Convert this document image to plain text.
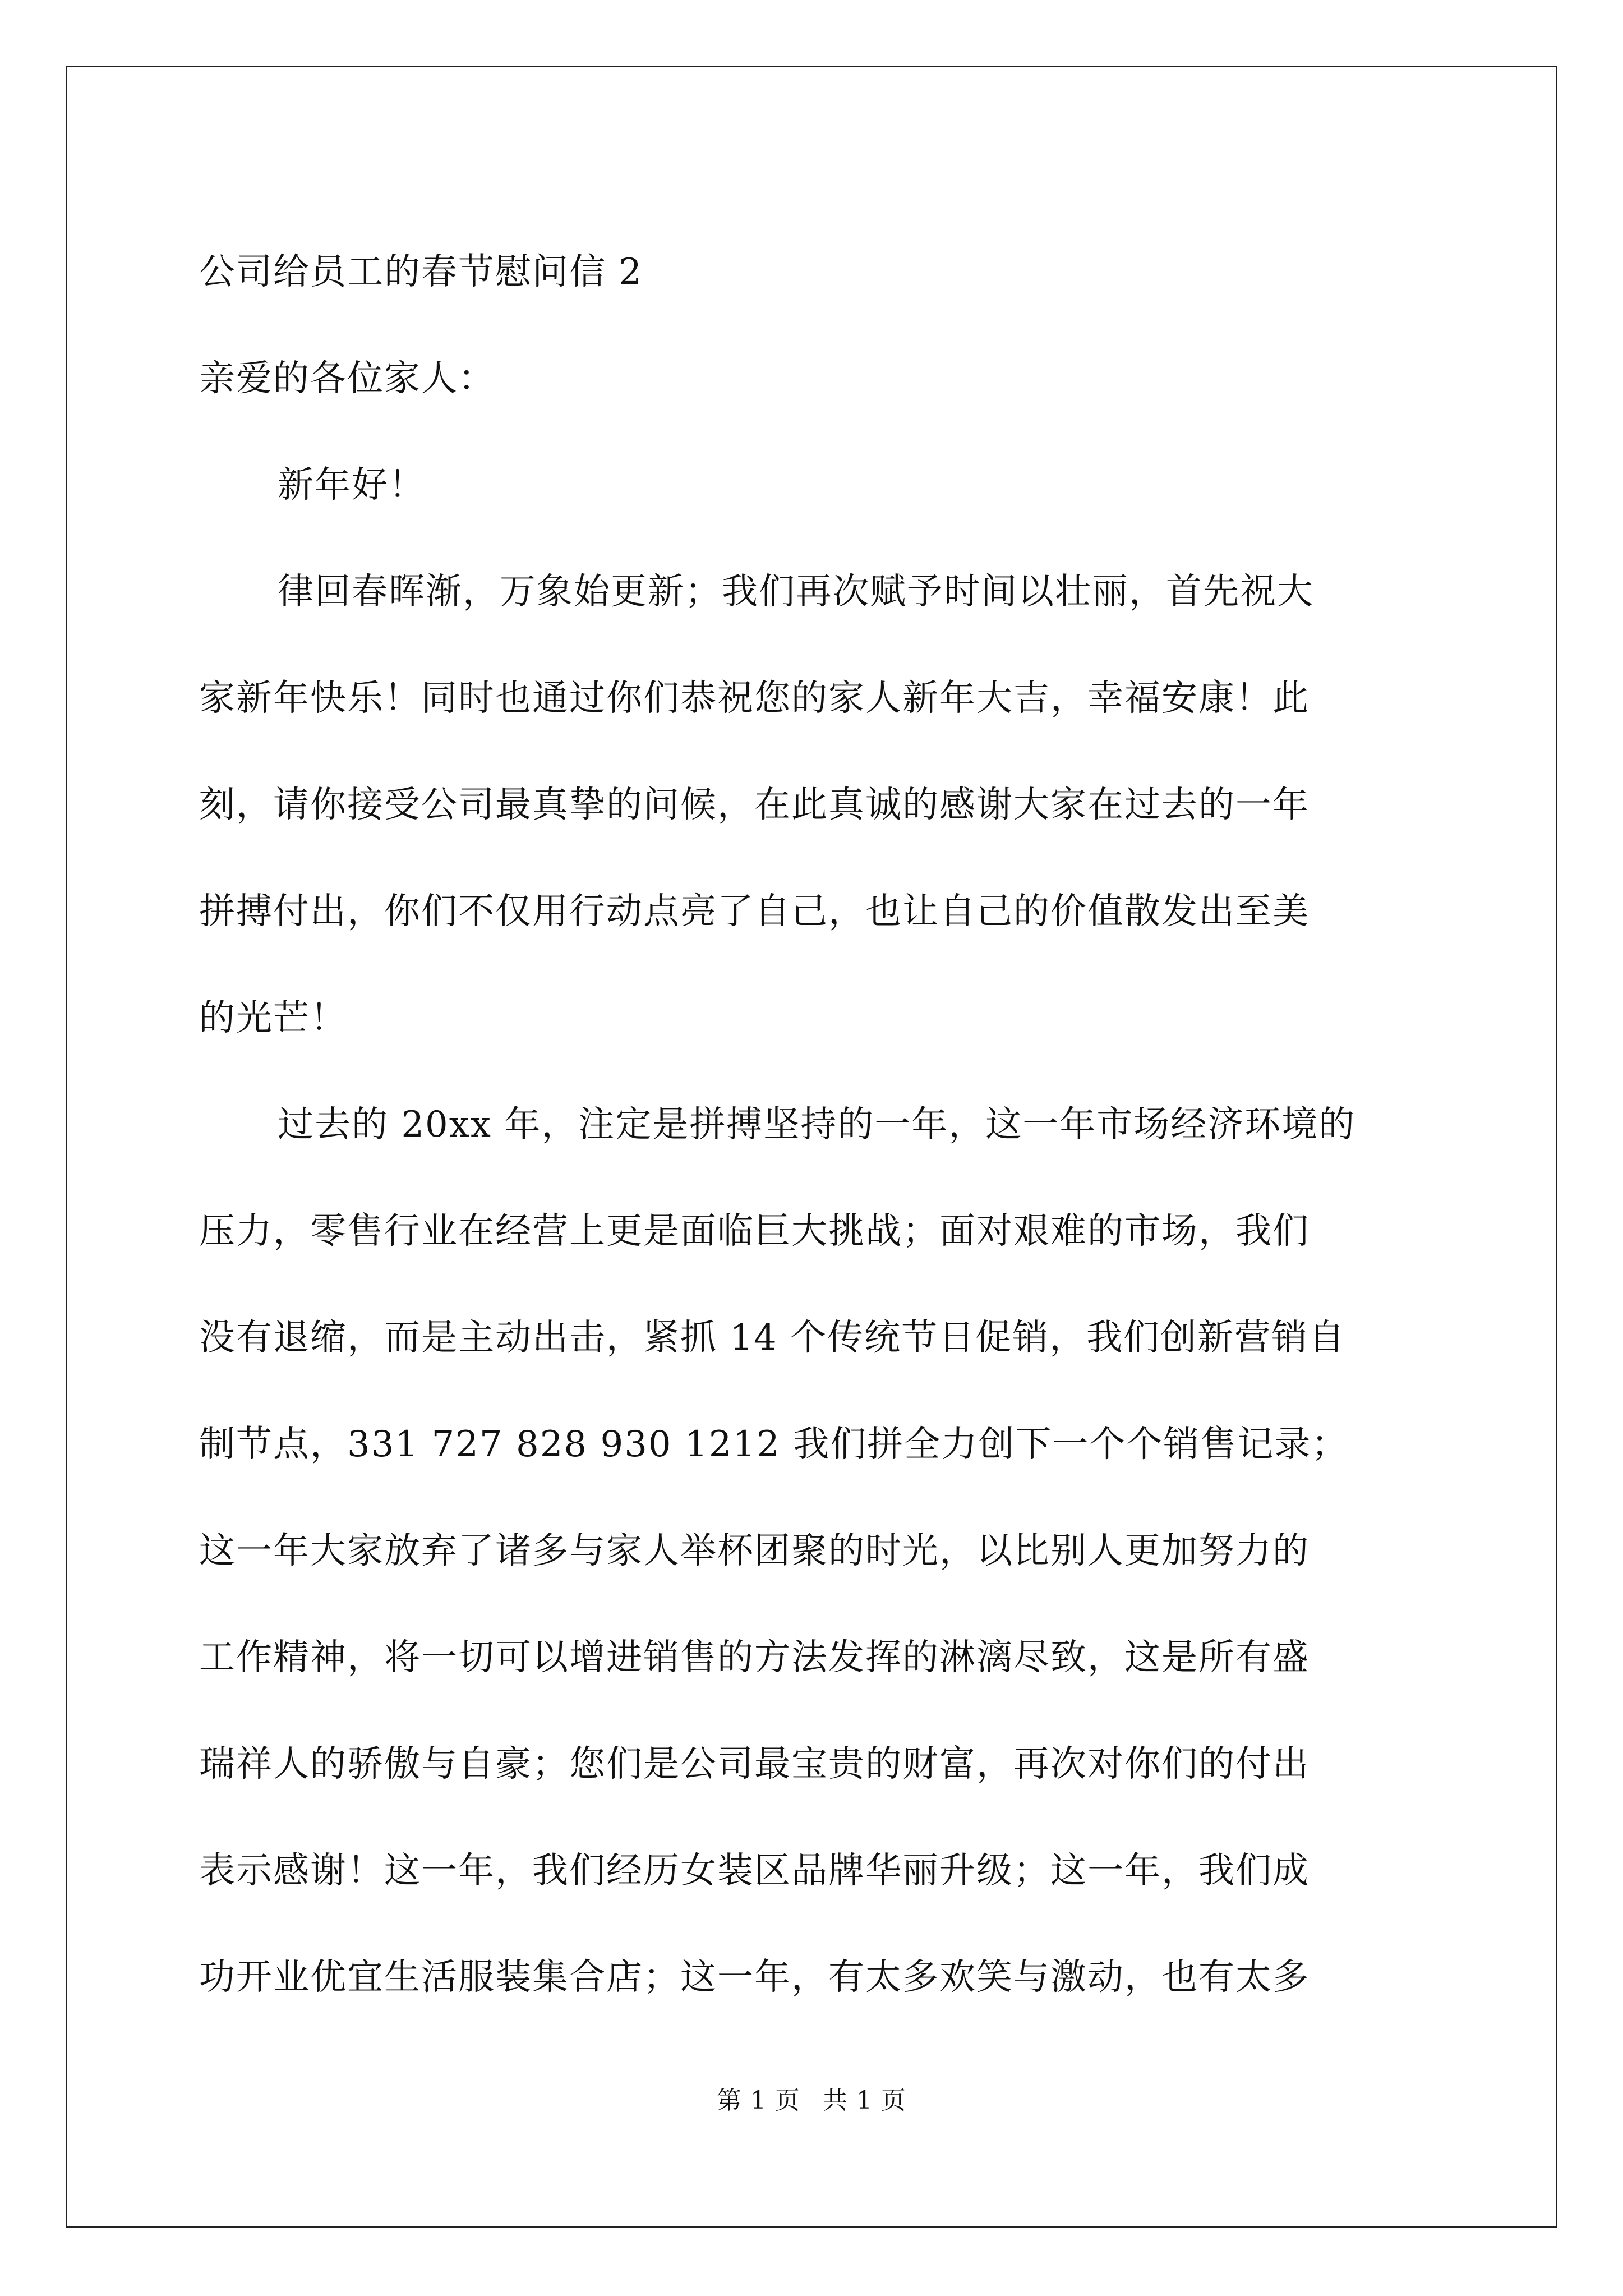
公司给员工的春节慰问信 2
亲爱的各位家人：
新年好！
律回春晖渐，万象始更新；我们再次赋予时间以壮丽，首先祝大
家新年快乐！同时也通过你们恭祝您的家人新年大吉，幸福安康！此
刻，请你接受公司最真挚的问候，在此真诚的感谢大家在过去的一年
拼搏付出，你们不仅用行动点亮了自己，也让自己的价值散发出至美
的光芒！
过去的 20xx 年，注定是拼搏坚持的一年，这一年市场经济环境的
压力，零售行业在经营上更是面临巨大挑战；面对艰难的市场，我们
没有退缩，而是主动出击，紧抓 14 个传统节日促销，我们创新营销自
制节点，331 727 828 930 1212 我们拼全力创下一个个销售记录；
这一年大家放弃了诸多与家人举杯团聚的时光，以比别人更加努力的
工作精神，将一切可以增进销售的方法发挥的淋漓尽致，这是所有盛
瑞祥人的骄傲与自豪；您们是公司最宝贵的财富，再次对你们的付出
表示感谢！这一年，我们经历女装区品牌华丽升级；这一年，我们成
功开业优宜生活服装集合店；这一年，有太多欢笑与激动，也有太多
第 1 页 共 1 页
